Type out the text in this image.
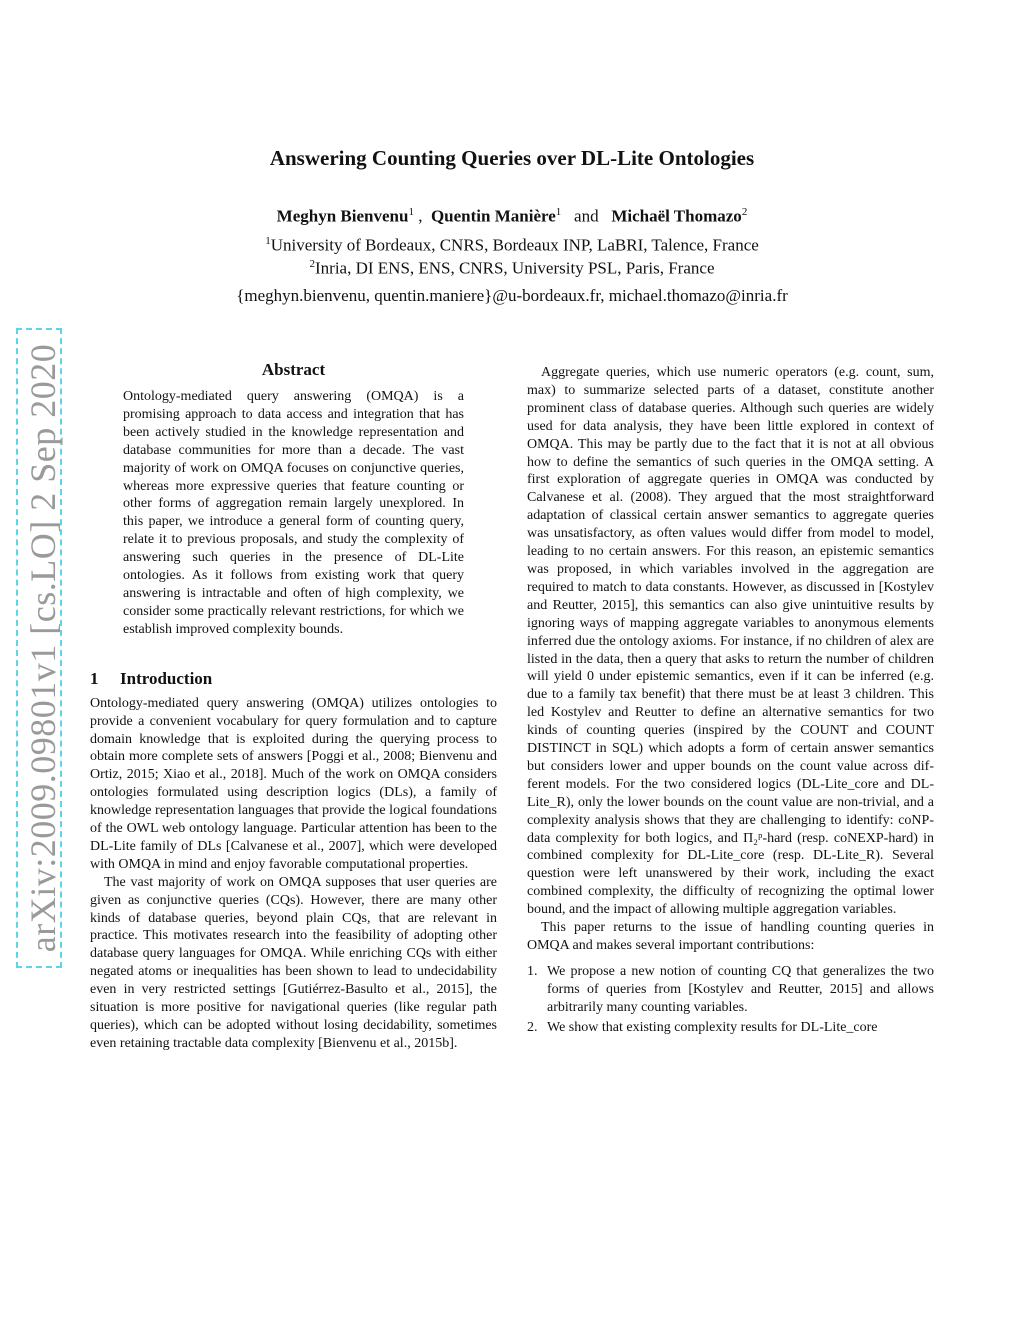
arXiv:2009.09801v1 [cs.LO] 2 Sep 2020
Answering Counting Queries over DL-Lite Ontologies
Meghyn Bienvenu$^1$ ,  Quentin Manière$^1$ and Michaël Thomazo$^2$
$^1$University of Bordeaux, CNRS, Bordeaux INP, LaBRI, Talence, France
$^2$Inria, DI ENS, ENS, CNRS, University PSL, Paris, France
{meghyn.bienvenu, quentin.maniere}@u-bordeaux.fr, michael.thomazo@inria.fr
Abstract
Ontology-mediated query answering (OMQA) is a promising approach to data access and integration that has been actively studied in the knowledge representation and database communities for more than a decade. The vast majority of work on OMQA focuses on conjunctive queries, whereas more expressive queries that feature counting or other forms of aggregation remain largely unexplored. In this paper, we introduce a general form of counting query, relate it to previous proposals, and study the complexity of answering such queries in the presence of DL-Lite ontologies. As it follows from existing work that query answering is intractable and often of high complexity, we consider some practically relevant restrictions, for which we establish improved complexity bounds.
1 Introduction

Ontology-mediated query answering (OMQA) utilizes ontologies to provide a convenient vocabulary for query formulation and to capture domain knowledge that is exploited during the querying process to obtain more complete sets of answers [Poggi et al., 2008; Bienvenu and Ortiz, 2015; Xiao et al., 2018]. Much of the work on OMQA considers ontologies formulated using description logics (DLs), a family of knowledge representation languages that provide the logical foundations of the OWL web ontology language. Particular attention has been to the DL-Lite family of DLs [Calvanese et al., 2007], which were developed with OMQA in mind and enjoy favorable computational properties.

The vast majority of work on OMQA supposes that user queries are given as conjunctive queries (CQs). However, there are many other kinds of database queries, beyond plain CQs, that are relevant in practice. This motivates research into the feasibility of adopting other database query languages for OMQA. While enriching CQs with either negated atoms or inequalities has been shown to lead to undecidability even in very restricted settings [Gutiérrez-Basulto et al., 2015], the situation is more positive for navigational queries (like regular path queries), which can be adopted without losing decidability, sometimes even retaining tractable data complexity [Bienvenu et al., 2015b].

Aggregate queries, which use numeric operators (e.g. count, sum, max) to summarize selected parts of a dataset, constitute another prominent class of database queries. Although such queries are widely used for data analysis, they have been little explored in context of OMQA. This may be partly due to the fact that it is not at all obvious how to define the semantics of such queries in the OMQA setting. A first exploration of aggregate queries in OMQA was conducted by Calvanese et al. (2008). They argued that the most straightforward adaptation of classical certain answer semantics to aggregate queries was unsatisfactory, as often values would differ from model to model, leading to no certain answers. For this reason, an epistemic semantics was proposed, in which variables involved in the aggregation are required to match to data constants. However, as discussed in [Kostylev and Reutter, 2015], this semantics can also give unintuitive results by ignoring ways of mapping aggregate variables to anonymous elements inferred due the ontology axioms. For instance, if no children of alex are listed in the data, then a query that asks to return the number of children will yield 0 under epistemic semantics, even if it can be inferred (e.g. due to a family tax benefit) that there must be at least 3 children. This led Kostylev and Reutter to define an alternative semantics for two kinds of counting queries (inspired by the COUNT and COUNT DISTINCT in SQL) which adopts a form of certain answer semantics but considers lower and upper bounds on the count value across different models. For the two considered logics (DL-Lite_core and DL-Lite_R), only the lower bounds on the count value are non-trivial, and a complexity analysis shows that they are challenging to identify: coNP-data complexity for both logics, and Π₂ᵖ-hard (resp. coNEXP-hard) in combined complexity for DL-Lite_core (resp. DL-Lite_R). Several question were left unanswered by their work, including the exact combined complexity, the difficulty of recognizing the optimal lower bound, and the impact of allowing multiple aggregation variables.

This paper returns to the issue of handling counting queries in OMQA and makes several important contributions:

1. We propose a new notion of counting CQ that generalizes the two forms of queries from [Kostylev and Reutter, 2015] and allows arbitrarily many counting variables.
2. We show that existing complexity results for DL-Lite_core
